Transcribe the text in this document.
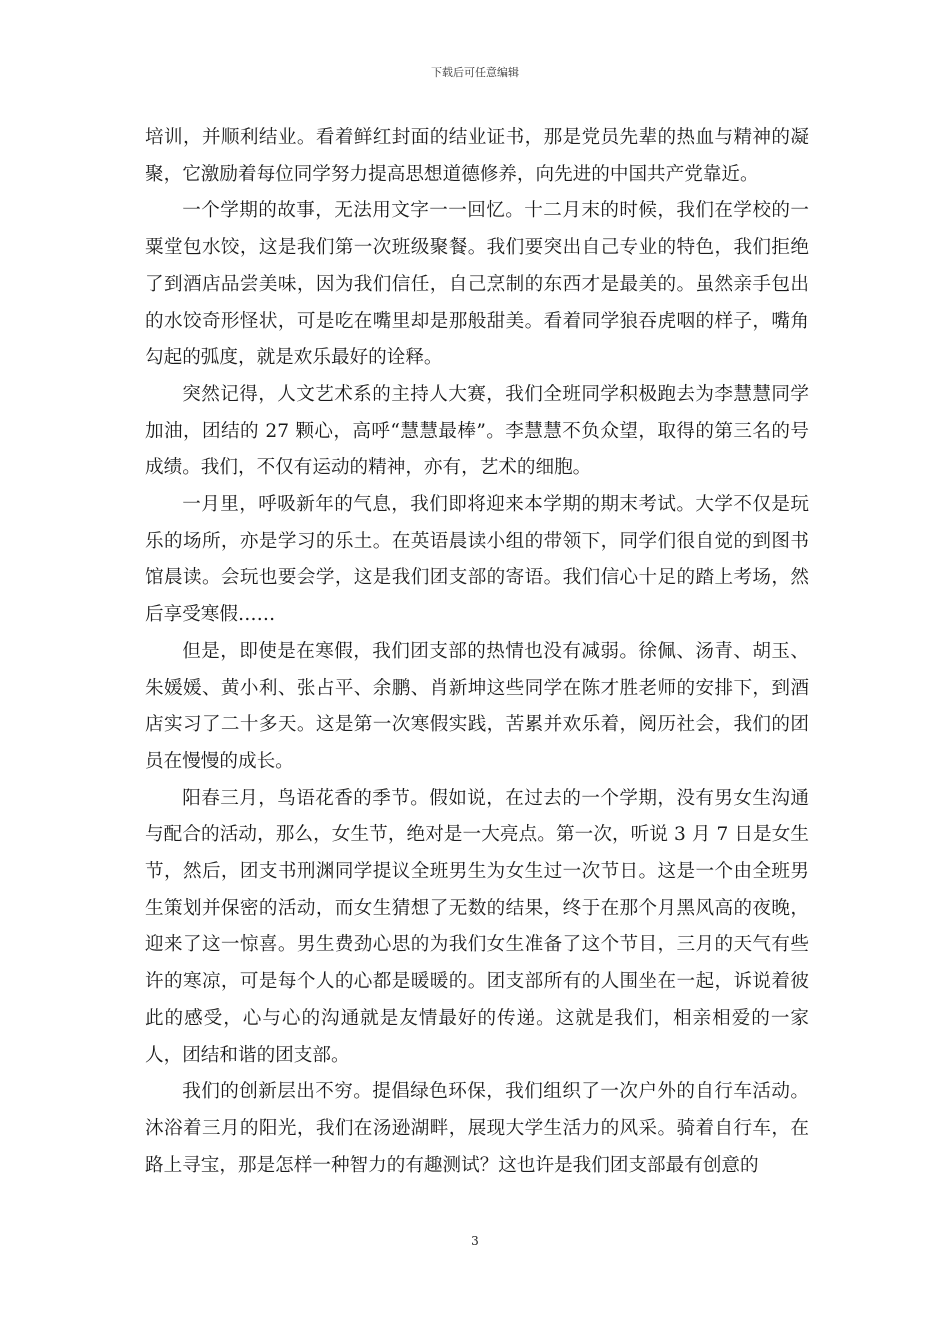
下载后可任意编辑

培训，并顺利结业。看着鲜红封面的结业证书，那是党员先辈的热血与精神的凝聚，它激励着每位同学努力提高思想道德修养，向先进的中国共产党靠近。

一个学期的故事，无法用文字一一回忆。十二月末的时候，我们在学校的一粟堂包水饺，这是我们第一次班级聚餐。我们要突出自己专业的特色，我们拒绝了到酒店品尝美味，因为我们信任，自己烹制的东西才是最美的。虽然亲手包出的水饺奇形怪状，可是吃在嘴里却是那般甜美。看着同学狼吞虎咽的样子，嘴角勾起的弧度，就是欢乐最好的诠释。

突然记得，人文艺术系的主持人大赛，我们全班同学积极跑去为李慧慧同学加油，团结的 27 颗心，高呼“慧慧最棒”。李慧慧不负众望，取得的第三名的号成绩。我们，不仅有运动的精神，亦有，艺术的细胞。

一月里，呼吸新年的气息，我们即将迎来本学期的期末考试。大学不仅是玩乐的场所，亦是学习的乐土。在英语晨读小组的带领下，同学们很自觉的到图书馆晨读。会玩也要会学，这是我们团支部的寄语。我们信心十足的踏上考场，然后享受寒假……

但是，即使是在寒假，我们团支部的热情也没有减弱。徐佩、汤青、胡玉、朱媛媛、黄小利、张占平、余鹏、肖新坤这些同学在陈才胜老师的安排下，到酒店实习了二十多天。这是第一次寒假实践，苦累并欢乐着，阅历社会，我们的团员在慢慢的成长。

阳春三月，鸟语花香的季节。假如说，在过去的一个学期，没有男女生沟通与配合的活动，那么，女生节，绝对是一大亮点。第一次，听说 3 月 7 日是女生节，然后，团支书刑渊同学提议全班男生为女生过一次节日。这是一个由全班男生策划并保密的活动，而女生猜想了无数的结果，终于在那个月黑风高的夜晚，迎来了这一惊喜。男生费劲心思的为我们女生准备了这个节目，三月的天气有些许的寒凉，可是每个人的心都是暖暖的。团支部所有的人围坐在一起，诉说着彼此的感受，心与心的沟通就是友情最好的传递。这就是我们，相亲相爱的一家人，团结和谐的团支部。

我们的创新层出不穷。提倡绿色环保，我们组织了一次户外的自行车活动。沐浴着三月的阳光，我们在汤逊湖畔，展现大学生活力的风采。骑着自行车，在路上寻宝，那是怎样一种智力的有趣测试？这也许是我们团支部最有创意的

3
